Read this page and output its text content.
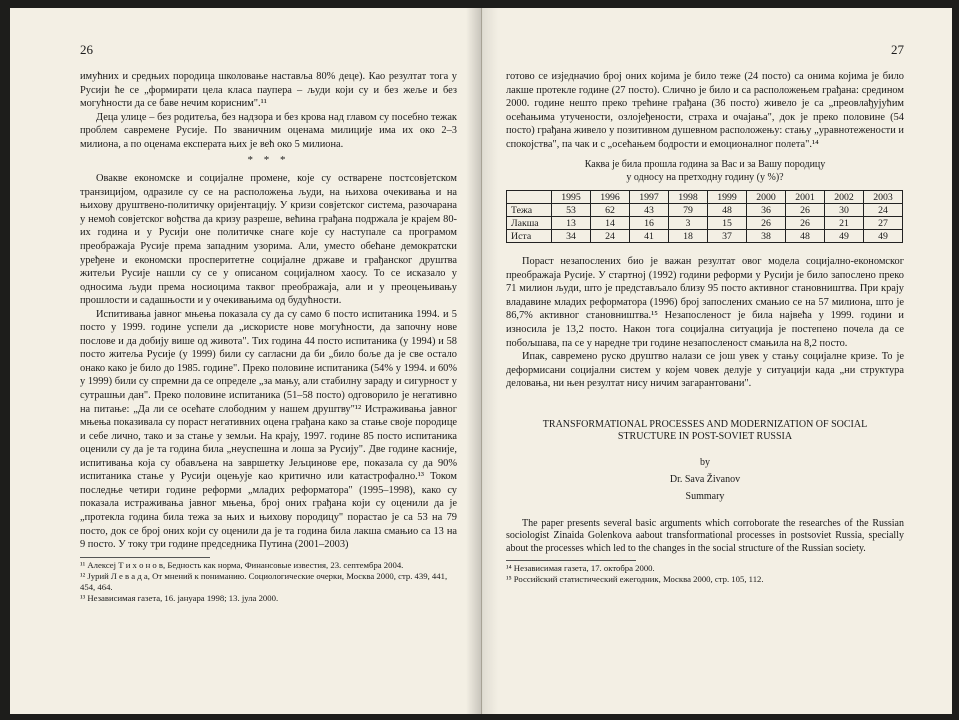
26

имућних и средњих породица школовање наставља 80% деце). Као резултат тога у Русији ће се „формирати цела класа паупера – људи који су и без жеље и без могућности да се баве нечим корисним".¹¹

Деца улице – без родитеља, без надзора и без крова над главом су посебно тежак проблем савремене Русије. По званичним оценама милиције има их око 2–3 милиона, а по оценама експерата њих је већ око 5 милиона.

* * *

Овакве економске и социјалне промене, које су остварене постсовјетском транзицијом, одразиле су се на расположења људи, на њихова очекивања и на њихову друштвено-политичку оријентацију. У кризи совјетског система, разочарана у немоћ совјетског вођства да кризу разреше, већина грађана подржала је крајем 80-их година и у Русији оне политичке снаге које су наступале са програмом преображаја Русије према западним узорима. Али, уместо обећане демократски уређене и економски просперитетне социјалне државе и грађанског друштва житељи Русије нашли су се у описаном социјалном хаосу. То се исказало у односима људи према носиоцима таквог преображаја, али и у преоцењивању прошлости и садашњости и у очекивањима од будућности.

Испитивања јавног мњења показала су да су само 6 посто испитаника 1994. и 5 посто у 1999. године успели да „искористе нове могућности, да започну нове послове и да добију више од живота". Тих година 44 посто испитаника (у 1994) и 58 посто житеља Русије (у 1999) били су сагласни да би „било боље да је све остало онако како је било до 1985. године". Преко половине испитаника (54% у 1994. и 60% у 1999) били су спремни да се определе „за мању, али стабилну зараду и сигурност у сутрашњи дан". Преко половине испитаника (51–58 посто) одговорило је негативно на питање: „Да ли се осећате слободним у нашем друштву"¹² Истраживања јавног мњења показивала су пораст негативних оцена грађана како за стање своје породице и себе лично, тако и за стање у земљи. На крају, 1997. године 85 посто испитаника оценили су да је та година била „неуспешна и лоша за Русију". Две године касније, испитивања која су обављена на завршетку Јељцинове ере, показала су да 90% испитаника стање у Русији оцењује као критично или катастрофално.¹³ Током последње четири године реформи „младих реформатора" (1995–1998), како су показала истраживања јавног мњења, број оних грађана који су оценили да је „протекла година била тежа за њих и њихову породицу" порастао је са 53 на 79 посто, док се број оних који су оценили да је та година била лакша смањио са 13 на 9 посто. У току три године председника Путина (2001–2003)

¹¹ Алексеј Т и х о н о в, Бедность как норма, Финансовые известия, 23. септембра 2004.

¹² Јурий Л е в а д а, От мнений к пониманию. Социологические очерки, Москва 2000, стр. 439, 441, 454, 464.

¹³ Независимая газета, 16. јануара 1998; 13. јула 2000.

27

готово се изједначио број оних којима је било теже (24 посто) са онима којима је било лакше протекле године (27 посто). Слично је било и са расположењем грађана: средином 2000. године нешто преко трећине грађана (36 посто) живело је са „преовлађујућим осећањима утучености, озлојеђености, страха и очајања", док је преко половине (54 посто) грађана живело у позитивном душевном расположењу: стању „уравнотежености и спокојства", па чак и с „осећањем бодрости и емоционалног полета".¹⁴

Каква је била прошла година за Вас и за Вашу породицу
у односу на претходну годину (у %)?
	1995	1996	1997	1998	1999	2000	2001	2002	2003
Тежа	53	62	43	79	48	36	26	30	24
Лакша	13	14	16	3	15	26	26	21	27
Иста	34	24	41	18	37	38	48	49	49

Пораст незапослених био је важан резултат овог модела социјално-економског преображаја Русије. У стартној (1992) години реформи у Русији је било запослено преко 71 милион људи, што је представљало близу 95 посто активног становништва. При крају владавине младих реформатора (1996) број запослених смањио се на 57 милиона, што је 86,7% активног становништва.¹⁵ Незапосленост је била највећа у 1999. години и износила је 13,2 посто. Након тога социјална ситуација је постепено почела да се побољшава, па се у наредне три године незапосленост смањила на 8,2 посто.

Ипак, савремено руско друштво налази се још увек у стању социјалне кризе. То је деформисани социјални систем у којем човек делује у ситуацији када „ни структура деловања, ни њен резултат нису ничим загарантовани".

TRANSFORMATIONAL PROCESSES AND MODERNIZATION OF SOCIAL
STRUCTURE IN POST-SOVIET RUSSIA
by
Dr. Sava Živanov
Summary

The paper presents several basic arguments which corroborate the researches of the Russian sociologist Zinaida Golenkova aabout transformational processes in postsoviet Russia, specially about the processes which led to the changes in the social structure of the Russian society.

¹⁴ Независимая газета, 17. октобра 2000.

¹⁵ Российский статистический ежегодник, Москва 2000, стр. 105, 112.
